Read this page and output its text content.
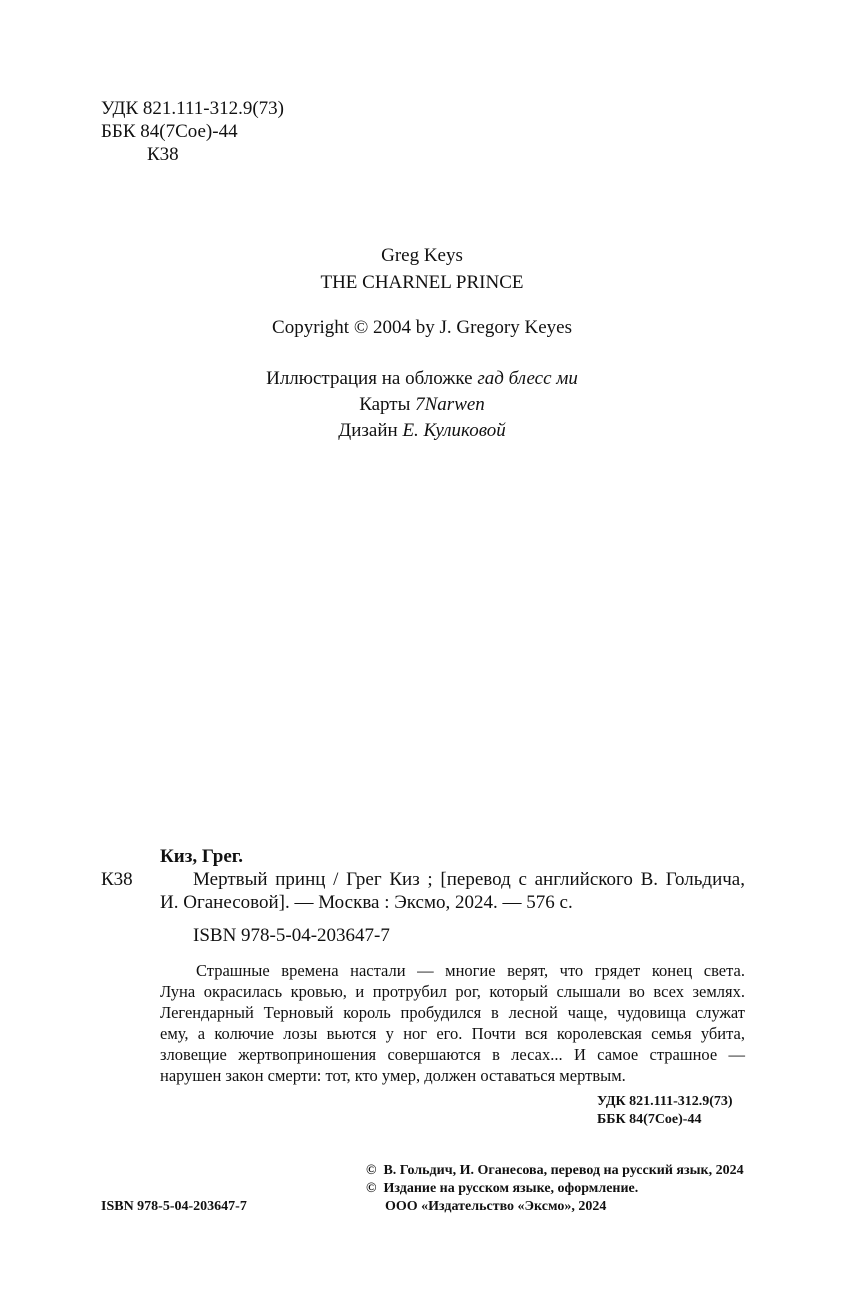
УДК 821.111-312.9(73)
ББК 84(7Сое)-44
К38
Greg Keys
THE CHARNEL PRINCE
Copyright © 2004 by J. Gregory Keyes
Иллюстрация на обложке гад блесс ми
Карты 7Narwen
Дизайн Е. Куликовой
Киз, Грег.
К38	Мертвый принц / Грег Киз ; [перевод с английского В. Гольдича,
И. Оганесовой]. — Москва : Эксмо, 2024. — 576 с.
ISBN 978-5-04-203647-7
Страшные времена настали — многие верят, что грядет конец света.
Луна окрасилась кровью, и протрубил рог, который слышали во всех землях.
Легендарный Терновый король пробудился в лесной чаще, чудовища служат
ему, а колючие лозы вьются у ног его. Почти вся королевская семья убита,
зловещие жертвоприношения совершаются в лесах... И самое страшное —
нарушен закон смерти: тот, кто умер, должен оставаться мертвым.
УДК 821.111-312.9(73)
ББК 84(7Сое)-44
© В. Гольдич, И. Оганесова, перевод на русский язык, 2024
© Издание на русском языке, оформление.
ООО «Издательство «Эксмо», 2024
ISBN 978-5-04-203647-7
